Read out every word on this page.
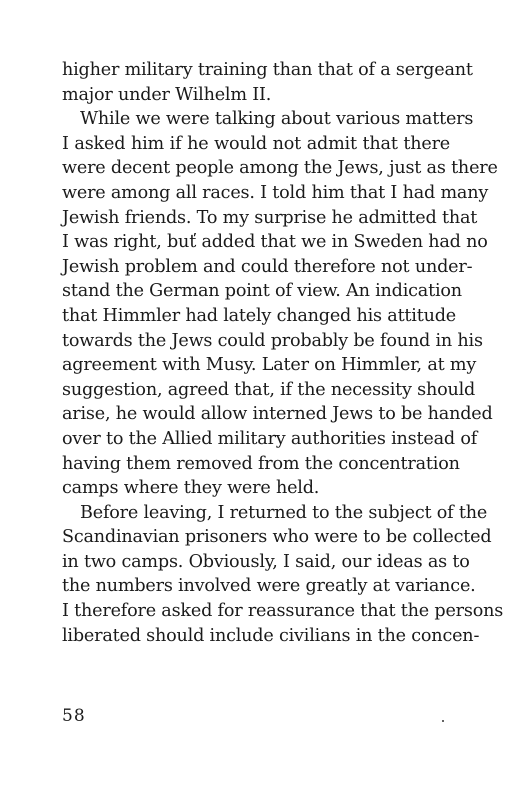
higher military training than that of a sergeant
major under Wilhelm II.
While we were talking about various matters
I asked him if he would not admit that there
were decent people among the Jews, just as there
were among all races. I told him that I had many
Jewish friends. To my surprise he admitted that
I was right, buť added that we in Sweden had no
Jewish problem and could therefore not under-
stand the German point of view. An indication
that Himmler had lately changed his attitude
towards the Jews could probably be found in his
agreement with Musy. Later on Himmler, at my
suggestion, agreed that, if the necessity should
arise, he would allow interned Jews to be handed
over to the Allied military authorities instead of
having them removed from the concentration
camps where they were held.
Before leaving, I returned to the subject of the
Scandinavian prisoners who were to be collected
in two camps. Obviously, I said, our ideas as to
the numbers involved were greatly at variance.
I therefore asked for reassurance that the persons
liberated should include civilians in the concen-
58
